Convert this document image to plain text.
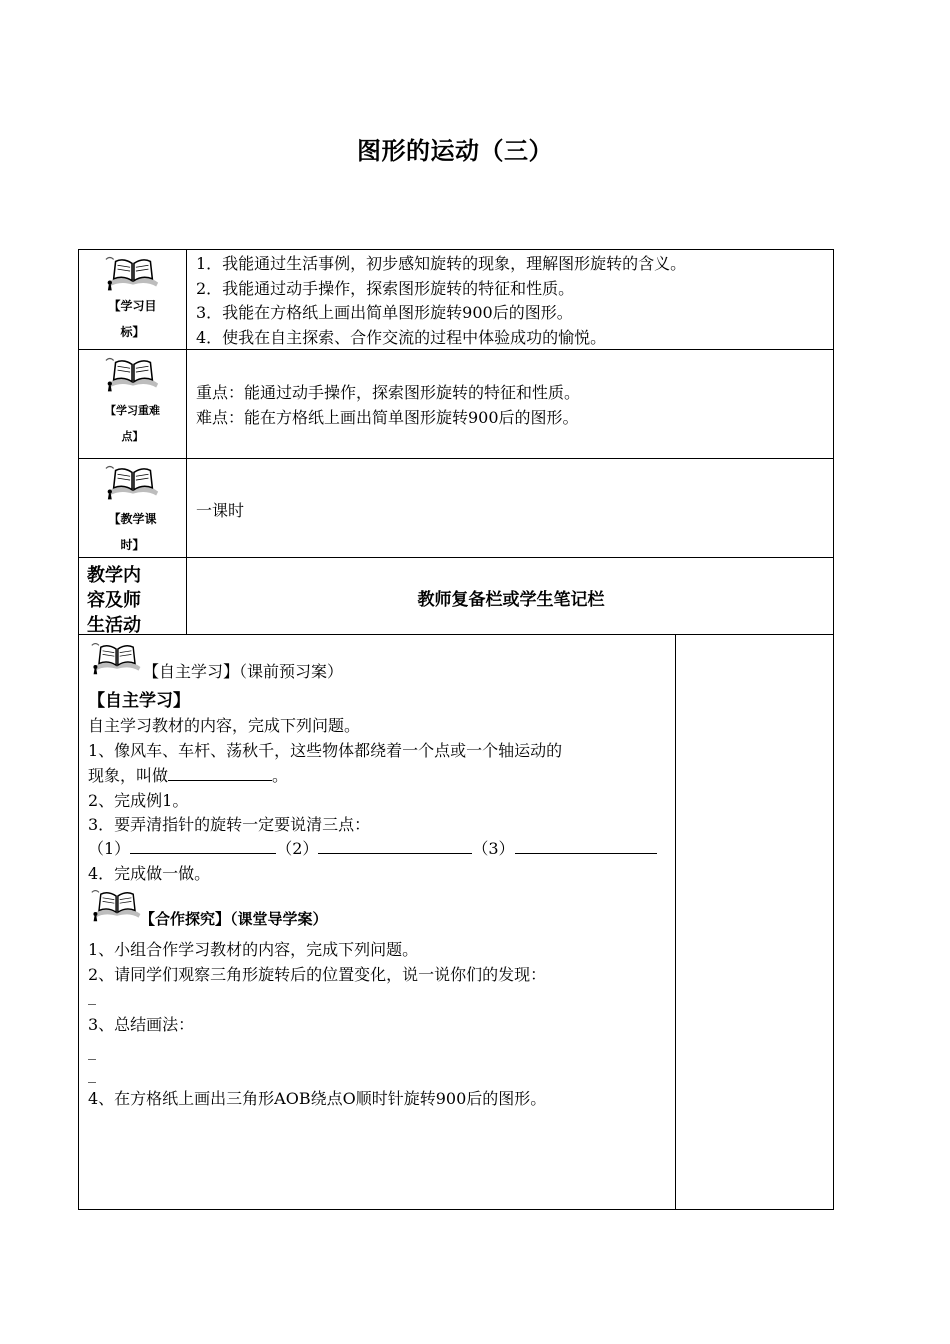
图形的运动（三）
【学习目
标】
1．我能通过生活事例，初步感知旋转的现象，理解图形旋转的含义。
2．我能通过动手操作，探索图形旋转的特征和性质。
3．我能在方格纸上画出简单图形旋转900后的图形。
4．使我在自主探索、合作交流的过程中体验成功的愉悦。
【学习重难
点】
重点：能通过动手操作，探索图形旋转的特征和性质。
难点：能在方格纸上画出简单图形旋转900后的图形。
【教学课
时】
一课时
教学内
容及师
生活动
教师复备栏或学生笔记栏
【自主学习】（课前预习案）
【自主学习】
自主学习教材的内容，完成下列问题。
1、像风车、车杆、荡秋千，这些物体都绕着一个点或一个轴运动的
现象，叫做	。
2、完成例1。
3．要弄清指针的旋转一定要说清三点：
（1）	（2）	（3）
4．完成做一做。
【合作探究】（课堂导学案）
1、小组合作学习教材的内容，完成下列问题。
2、请同学们观察三角形旋转后的位置变化，说一说你们的发现：
_
3、总结画法：
_
_
4、在方格纸上画出三角形AOB绕点O顺时针旋转900后的图形。
